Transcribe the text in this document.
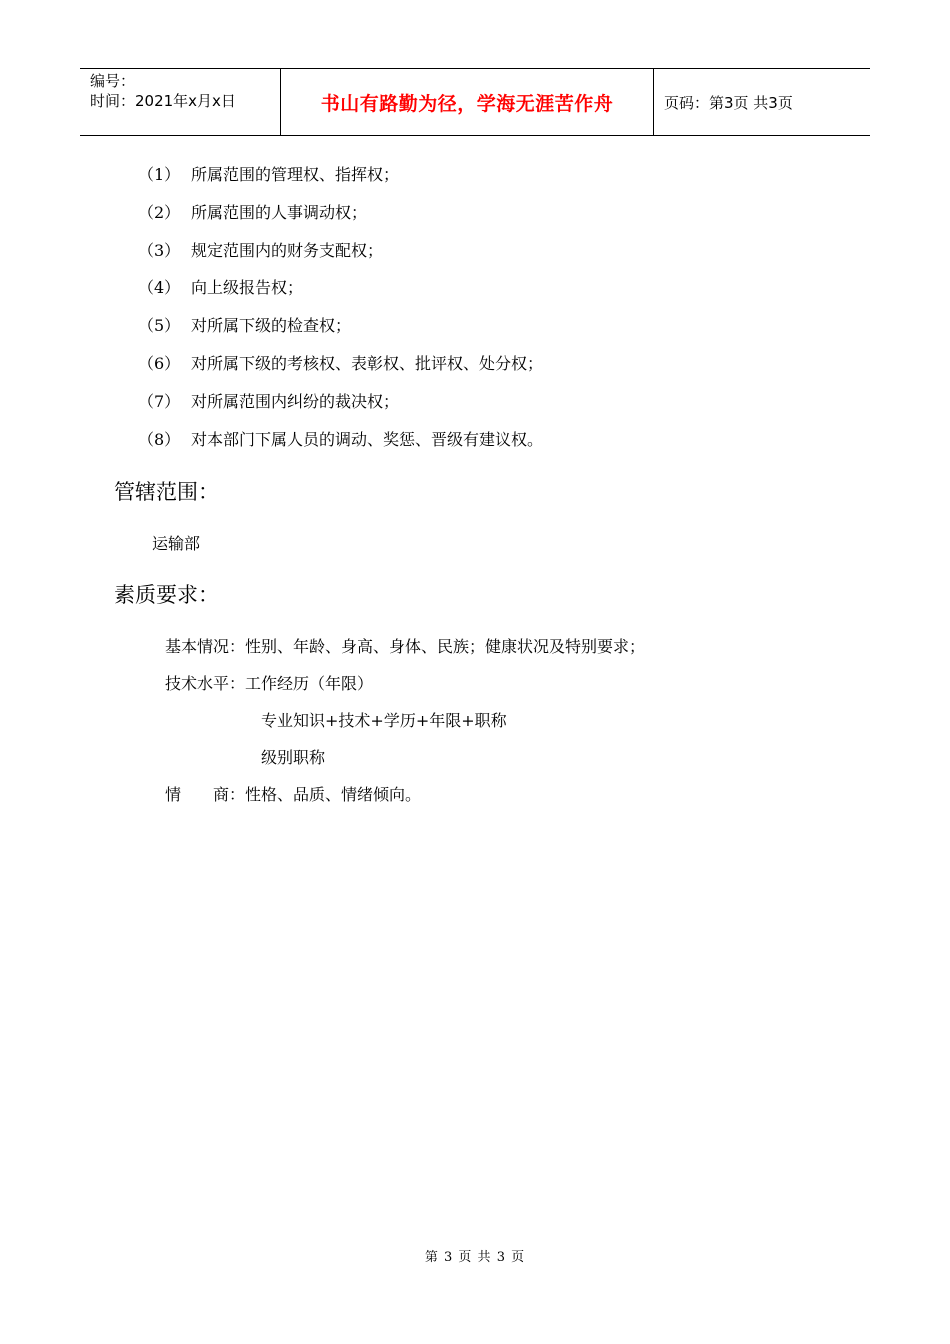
编号：
时间：2021年x月x日	书山有路勤为径，学海无涯苦作舟	页码：第3页 共3页
（1） 所属范围的管理权、指挥权；
（2） 所属范围的人事调动权；
（3） 规定范围内的财务支配权；
（4） 向上级报告权；
（5） 对所属下级的检查权；
（6） 对所属下级的考核权、表彰权、批评权、处分权；
（7） 对所属范围内纠纷的裁决权；
（8） 对本部门下属人员的调动、奖惩、晋级有建议权。
管辖范围：
运输部
素质要求：
基本情况：性别、年龄、身高、身体、民族；健康状况及特别要求；
技术水平：工作经历（年限）
专业知识+技术+学历+年限+职称
级别职称
情　　商：性格、品质、情绪倾向。
第 3 页 共 3 页
